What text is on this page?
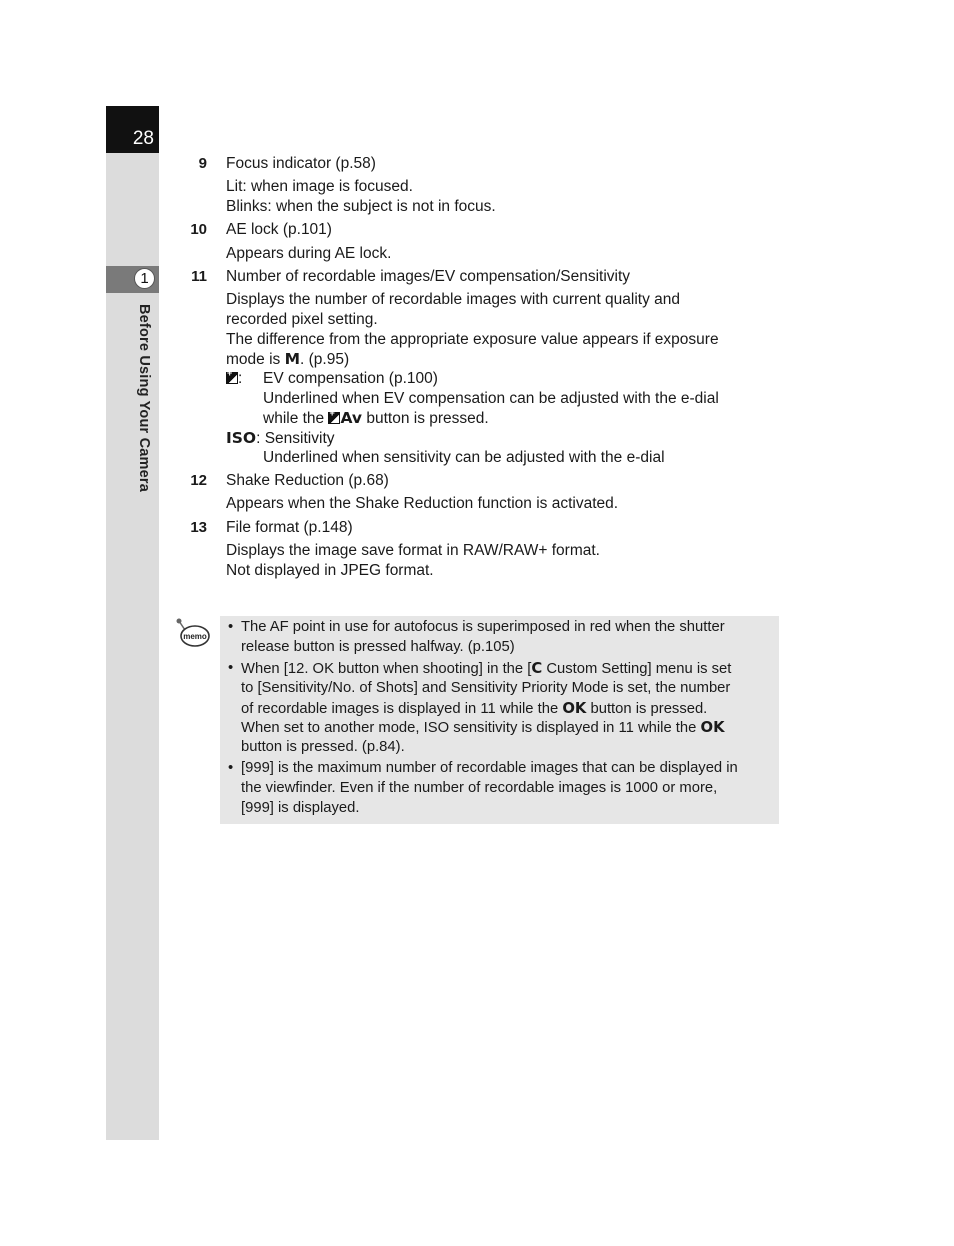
28
1
Before Using Your Camera
9 Focus indicator (p.58)
Lit: when image is focused.
Blinks: when the subject is not in focus.
10 AE lock (p.101)
Appears during AE lock.
11 Number of recordable images/EV compensation/Sensitivity
Displays the number of recordable images with current quality and
recorded pixel setting.
The difference from the appropriate exposure value appears if exposure
mode is M. (p.95)
+: EV compensation (p.100)
Underlined when EV compensation can be adjusted with the e-dial
while the +Av button is pressed.
ISO: Sensitivity
Underlined when sensitivity can be adjusted with the e-dial
12 Shake Reduction (p.68)
Appears when the Shake Reduction function is activated.
13 File format (p.148)
Displays the image save format in RAW/RAW+ format.
Not displayed in JPEG format.
memo
• The AF point in use for autofocus is superimposed in red when the shutter
release button is pressed halfway. (p.105)
• When [12. OK button when shooting] in the [C Custom Setting] menu is set
to [Sensitivity/No. of Shots] and Sensitivity Priority Mode is set, the number
of recordable images is displayed in 11 while the OK button is pressed.
When set to another mode, ISO sensitivity is displayed in 11 while the OK
button is pressed. (p.84).
• [999] is the maximum number of recordable images that can be displayed in
the viewfinder. Even if the number of recordable images is 1000 or more,
[999] is displayed.
